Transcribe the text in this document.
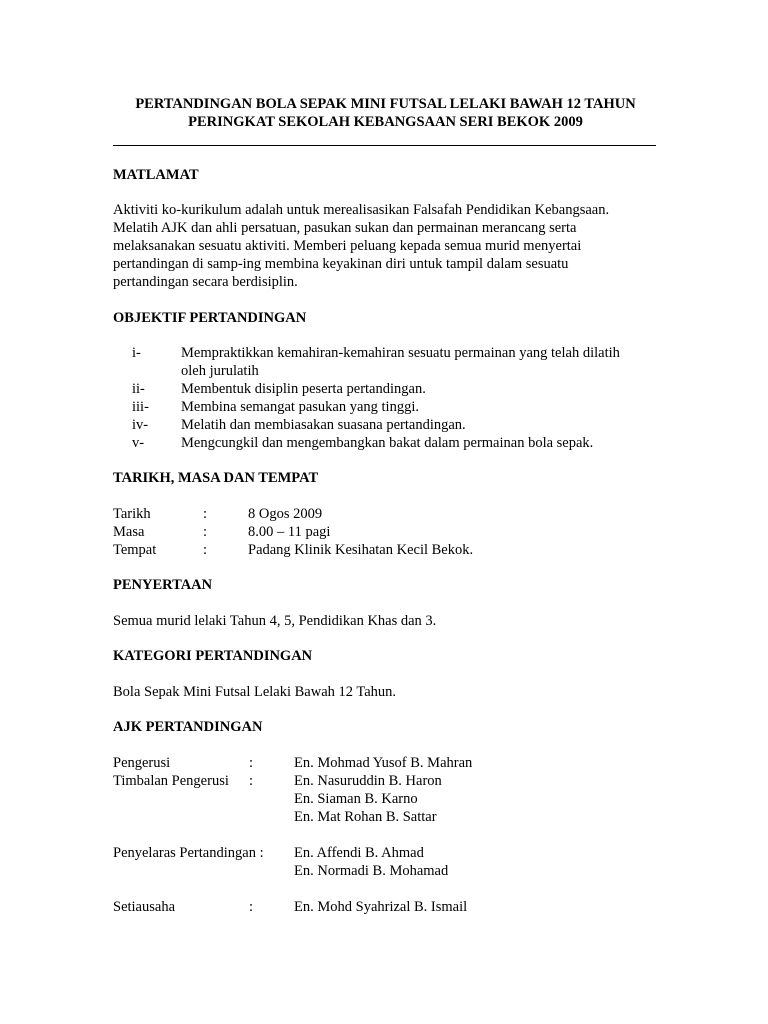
PERTANDINGAN BOLA SEPAK MINI FUTSAL LELAKI BAWAH 12 TAHUN
PERINGKAT SEKOLAH KEBANGSAAN SERI BEKOK 2009
MATLAMAT
Aktiviti ko-kurikulum adalah untuk merealisasikan Falsafah Pendidikan Kebangsaan.
Melatih AJK dan ahli persatuan, pasukan sukan dan permainan merancang serta
melaksanakan sesuatu aktiviti. Memberi peluang kepada semua murid menyertai
pertandingan di samp-ing membina keyakinan diri untuk tampil dalam sesuatu
pertandingan secara berdisiplin.
OBJEKTIF PERTANDINGAN
i-	Mempraktikkan kemahiran-kemahiran sesuatu permainan yang telah dilatih
oleh jurulatih
ii- Membentuk disiplin peserta pertandingan.
iii- Membina semangat pasukan yang tinggi.
iv- Melatih dan membiasakan suasana pertandingan.
v-	Mengcungkil dan mengembangkan bakat dalam permainan bola sepak.
TARIKH, MASA DAN TEMPAT
Tarikh	:	8 Ogos 2009
Masa	:	8.00 – 11 pagi
Tempat	:	Padang Klinik Kesihatan Kecil Bekok.
PENYERTAAN
Semua murid lelaki Tahun 4, 5, Pendidikan Khas dan 3.
KATEGORI PERTANDINGAN
Bola Sepak Mini Futsal Lelaki Bawah 12 Tahun.
AJK PERTANDINGAN
Pengerusi	:	En. Mohmad Yusof B. Mahran
Timbalan Pengerusi :	En. Nasuruddin B. Haron
En. Siaman B. Karno
En. Mat Rohan B. Sattar
Penyelaras Pertandingan : En. Affendi B. Ahmad
En. Normadi B. Mohamad
Setiausaha	:	En. Mohd Syahrizal B. Ismail
